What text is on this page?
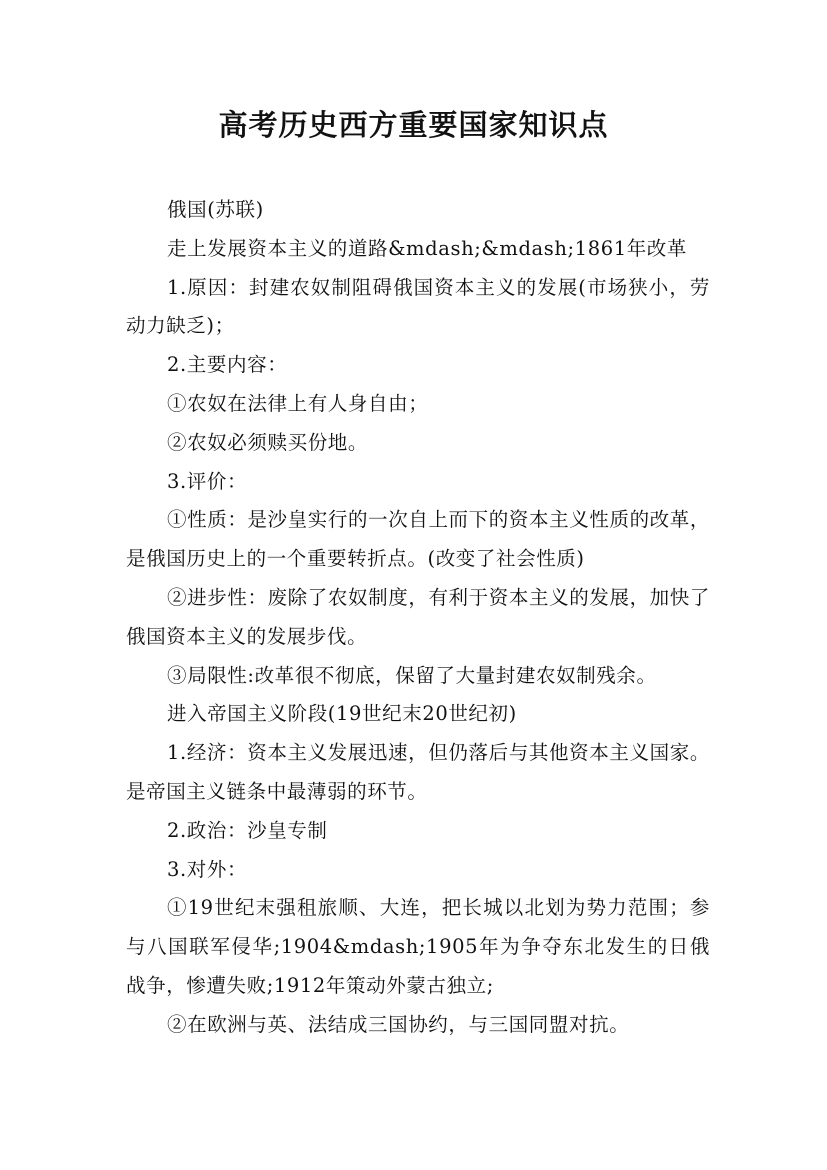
高考历史西方重要国家知识点

俄国(苏联)

走上发展资本主义的道路&mdash;&mdash;1861年改革

1.原因：封建农奴制阻碍俄国资本主义的发展(市场狭小，劳动力缺乏)；

2.主要内容：

①农奴在法律上有人身自由；

②农奴必须赎买份地。

3.评价：

①性质：是沙皇实行的一次自上而下的资本主义性质的改革，是俄国历史上的一个重要转折点。(改变了社会性质)

②进步性：废除了农奴制度，有利于资本主义的发展，加快了俄国资本主义的发展步伐。

③局限性:改革很不彻底，保留了大量封建农奴制残余。

进入帝国主义阶段(19世纪末20世纪初)

1.经济：资本主义发展迅速，但仍落后与其他资本主义国家。是帝国主义链条中最薄弱的环节。

2.政治：沙皇专制

3.对外：

①19世纪末强租旅顺、大连，把长城以北划为势力范围；参与八国联军侵华;1904&mdash;1905年为争夺东北发生的日俄战争，惨遭失败;1912年策动外蒙古独立;

②在欧洲与英、法结成三国协约，与三国同盟对抗。
